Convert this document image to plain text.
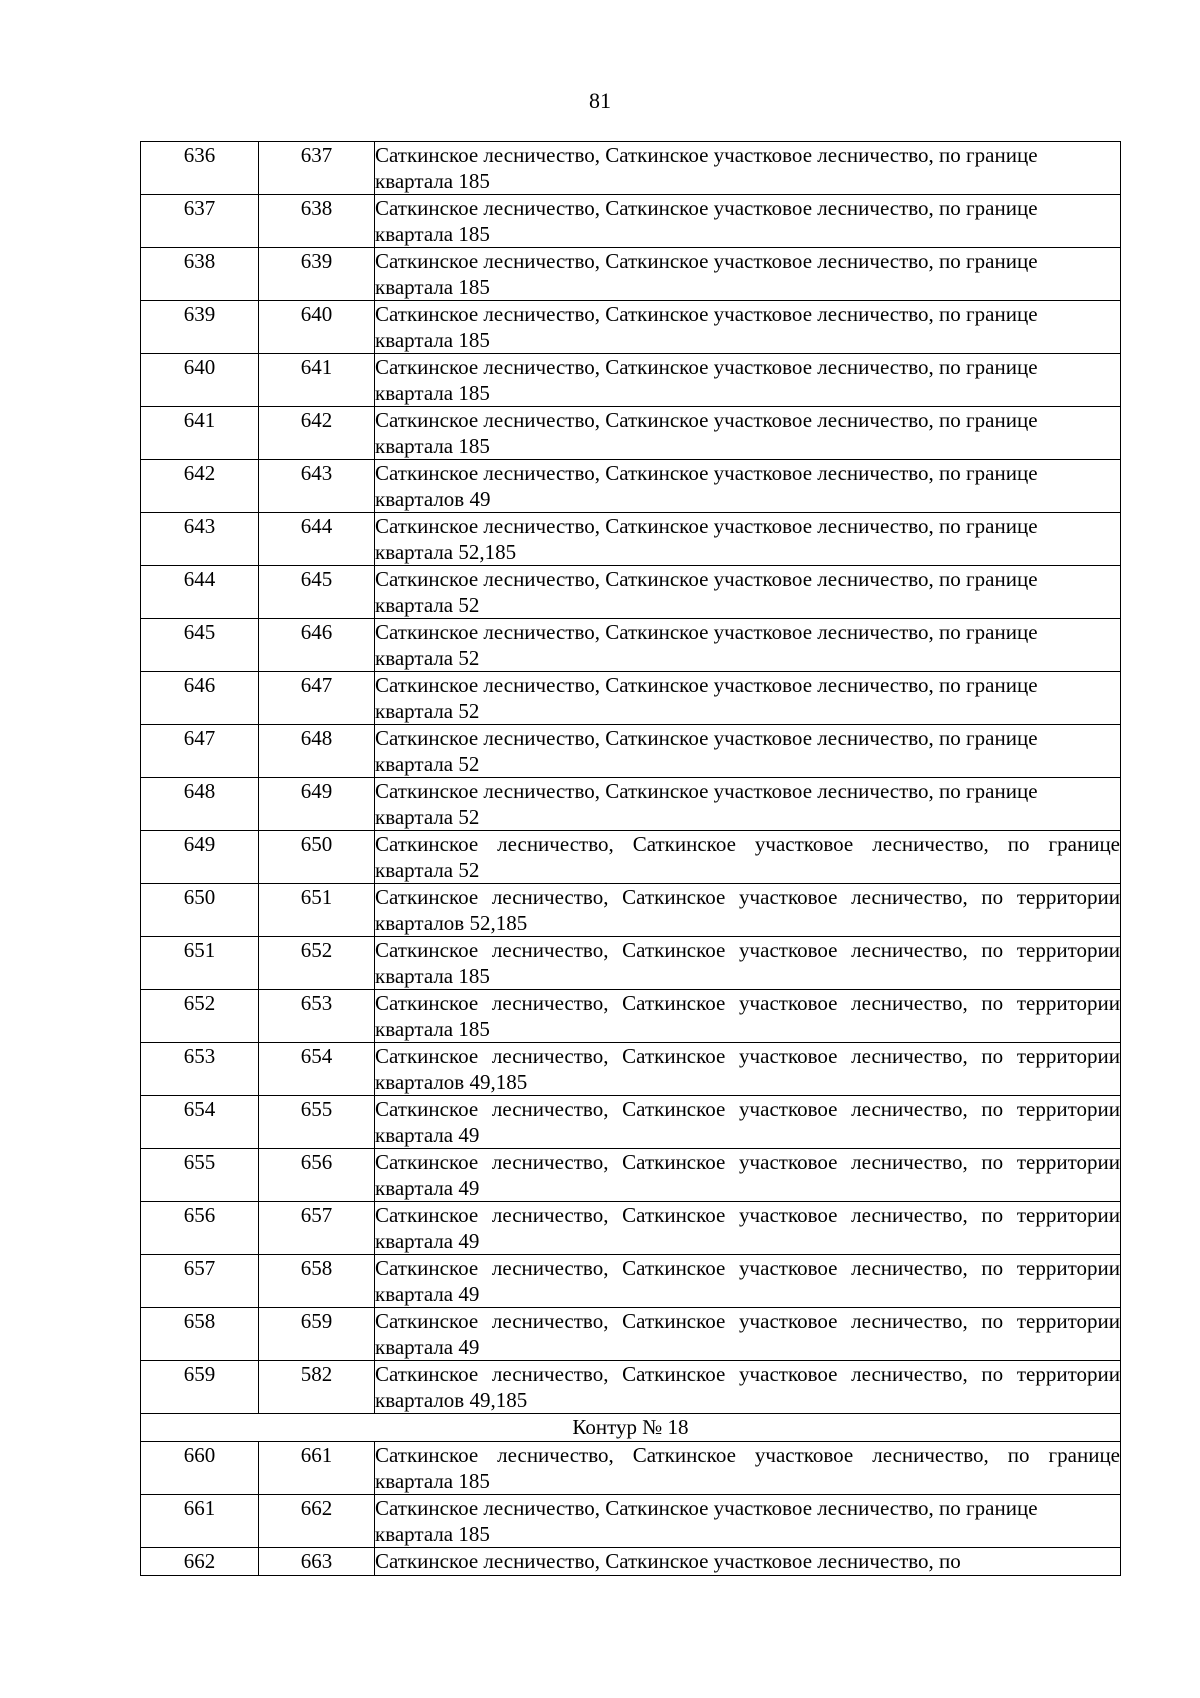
81
636	637	Саткинское лесничество, Саткинское участковое лесничество, по границе квартала 185
637	638	Саткинское лесничество, Саткинское участковое лесничество, по границе квартала 185
638	639	Саткинское лесничество, Саткинское участковое лесничество, по границе квартала 185
639	640	Саткинское лесничество, Саткинское участковое лесничество, по границе квартала 185
640	641	Саткинское лесничество, Саткинское участковое лесничество, по границе квартала 185
641	642	Саткинское лесничество, Саткинское участковое лесничество, по границе квартала 185
642	643	Саткинское лесничество, Саткинское участковое лесничество, по границе кварталов 49
643	644	Саткинское лесничество, Саткинское участковое лесничество, по границе квартала 52,185
644	645	Саткинское лесничество, Саткинское участковое лесничество, по границе квартала 52
645	646	Саткинское лесничество, Саткинское участковое лесничество, по границе квартала 52
646	647	Саткинское лесничество, Саткинское участковое лесничество, по границе квартала 52
647	648	Саткинское лесничество, Саткинское участковое лесничество, по границе квартала 52
648	649	Саткинское лесничество, Саткинское участковое лесничество, по границе квартала 52
649	650	Саткинское лесничество, Саткинское участковое лесничество, по границе квартала 52
650	651	Саткинское лесничество, Саткинское участковое лесничество, по территории кварталов 52,185
651	652	Саткинское лесничество, Саткинское участковое лесничество, по территории квартала 185
652	653	Саткинское лесничество, Саткинское участковое лесничество, по территории квартала 185
653	654	Саткинское лесничество, Саткинское участковое лесничество, по территории кварталов 49,185
654	655	Саткинское лесничество, Саткинское участковое лесничество, по территории квартала 49
655	656	Саткинское лесничество, Саткинское участковое лесничество, по территории квартала 49
656	657	Саткинское лесничество, Саткинское участковое лесничество, по территории квартала 49
657	658	Саткинское лесничество, Саткинское участковое лесничество, по территории квартала 49
658	659	Саткинское лесничество, Саткинское участковое лесничество, по территории квартала 49
659	582	Саткинское лесничество, Саткинское участковое лесничество, по территории кварталов 49,185
Контур № 18		
660	661	Саткинское лесничество, Саткинское участковое лесничество, по границе квартала 185
661	662	Саткинское лесничество, Саткинское участковое лесничество, по границе квартала 185
662	663	Саткинское лесничество, Саткинское участковое лесничество, по
